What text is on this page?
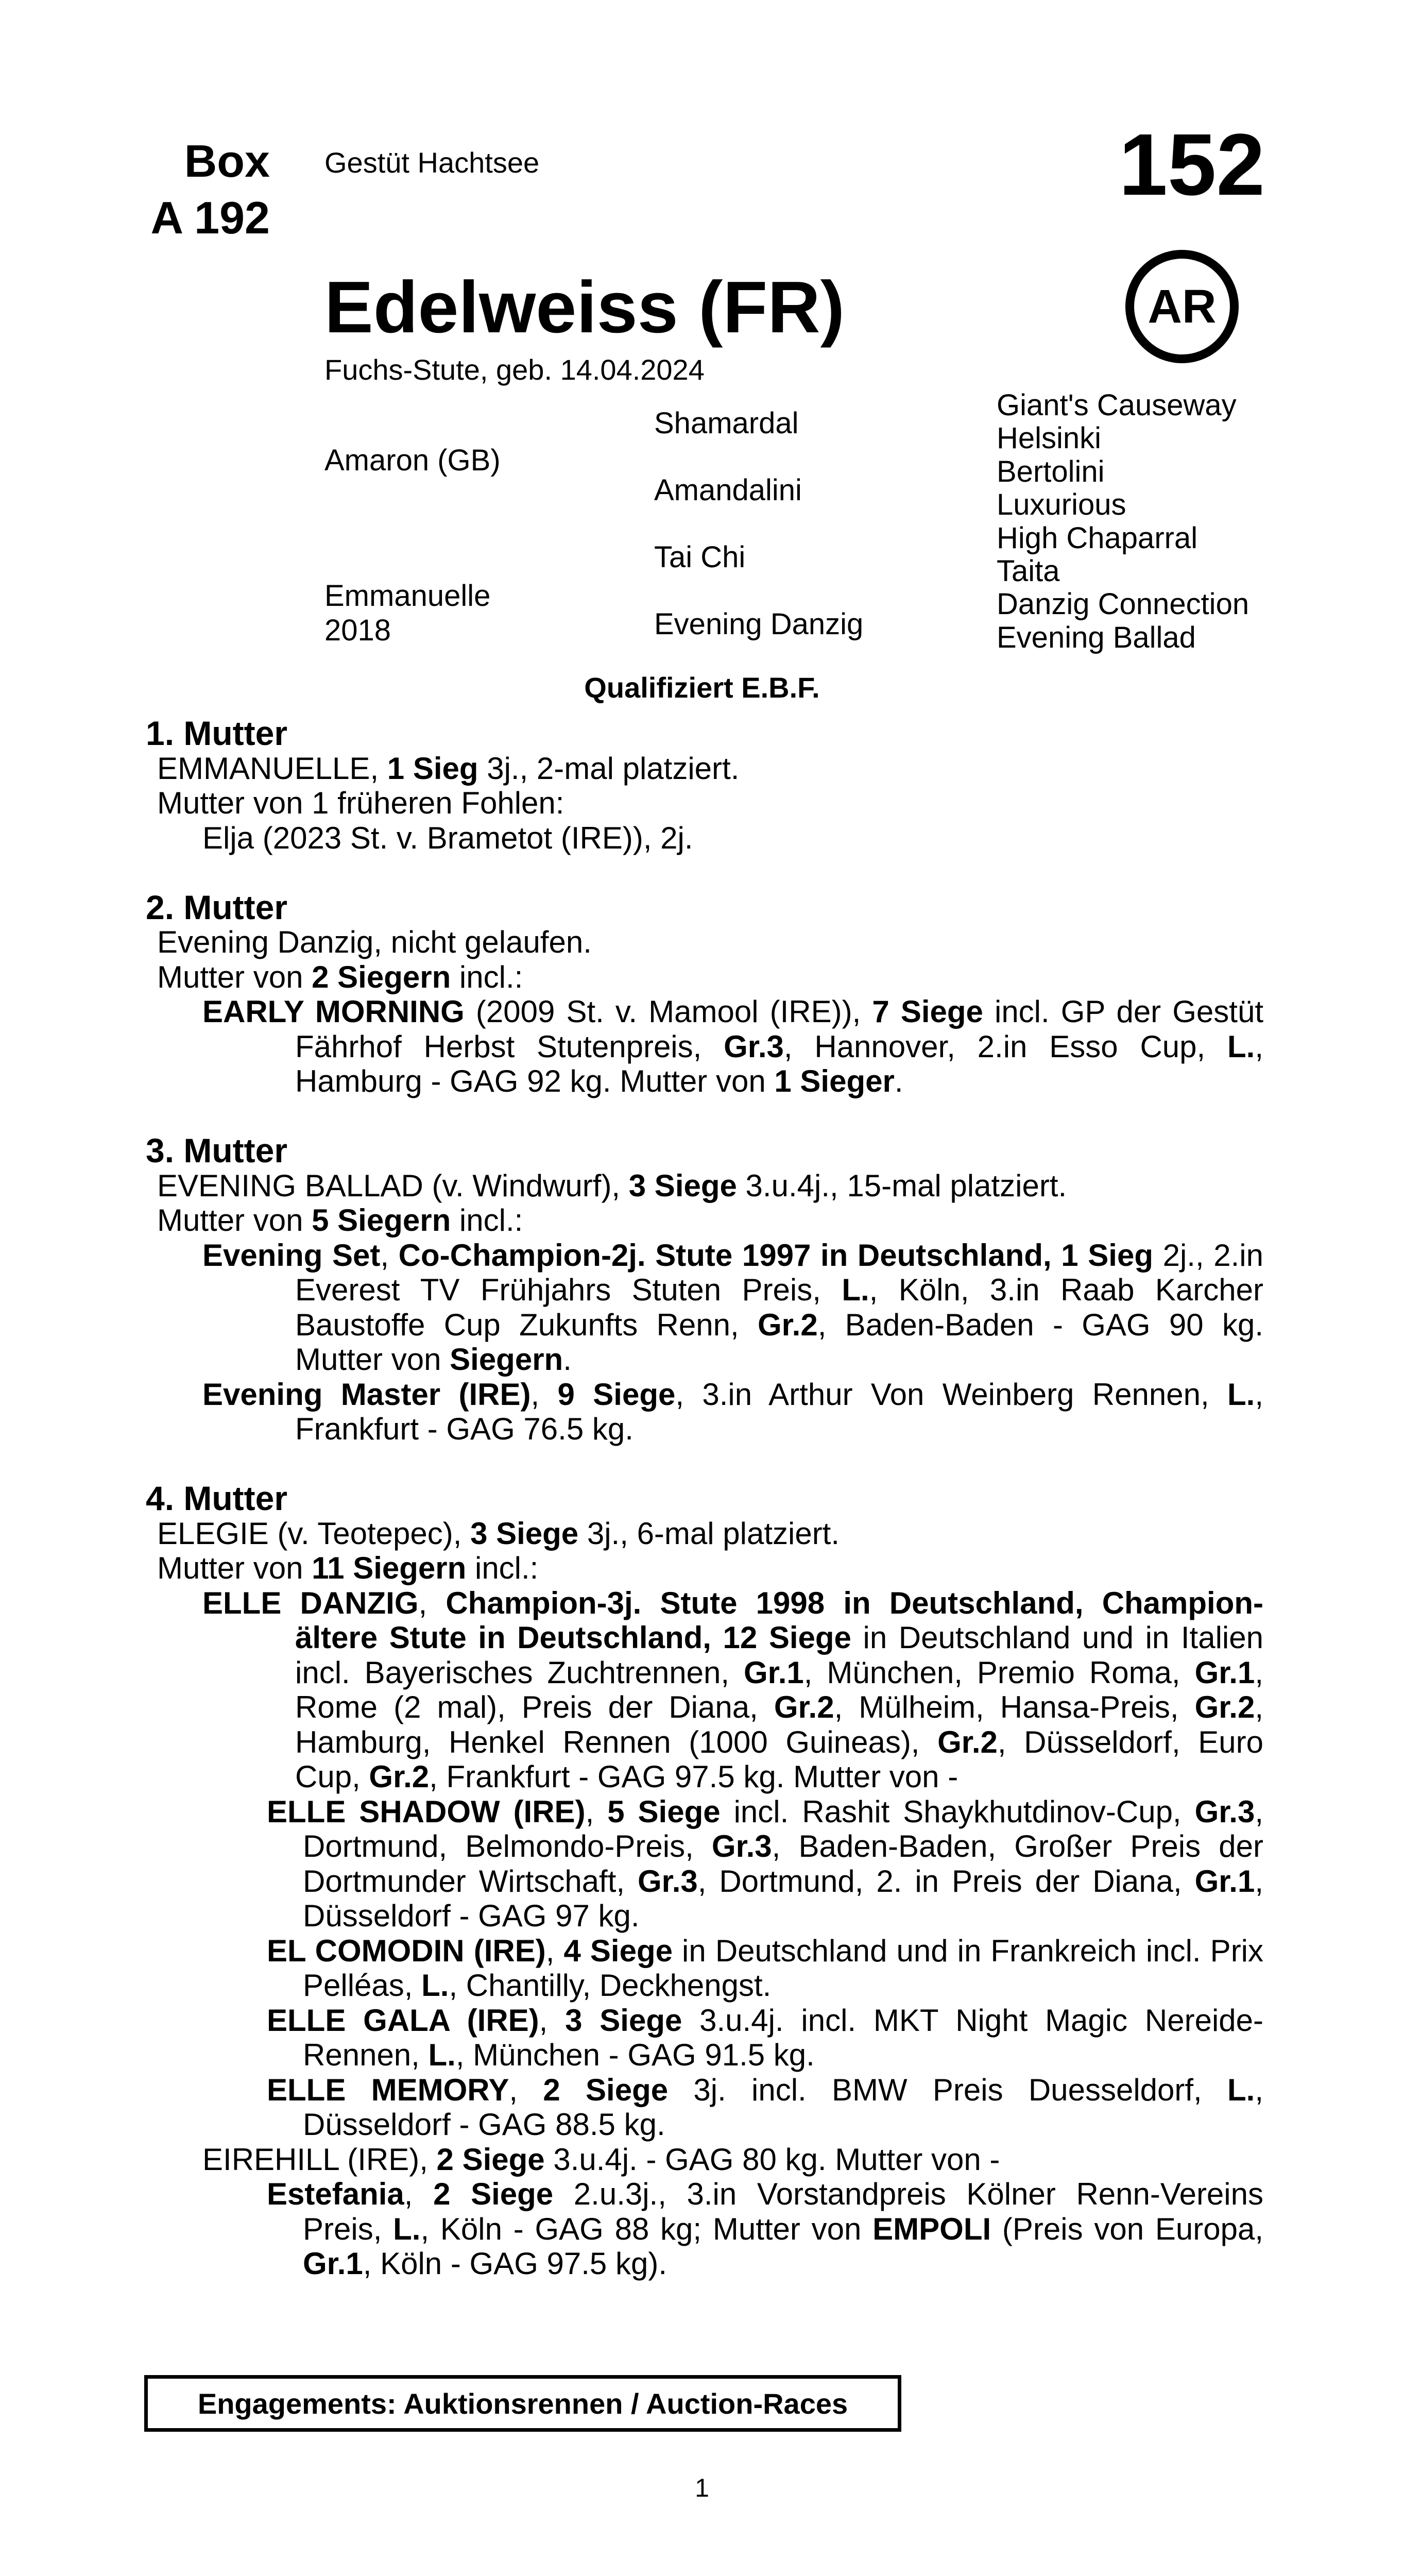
Box
A 192
Gestüt Hachtsee	152
AR
Edelweiss (FR)
Fuchs-Stute, geb. 14.04.2024
Amaron (GB)
Emmanuelle
2018
Shamardal
Amandalini
Tai Chi
Evening Danzig
Giant's Causeway
Helsinki
Bertolini
Luxurious
High Chaparral
Taita
Danzig Connection
Evening Ballad
Qualifiziert E.B.F.
1. Mutter

EMMANUELLE, 1 Sieg 3j., 2-mal platziert.

Mutter von 1 früheren Fohlen:

Elja (2023 St. v. Brametot (IRE)), 2j.

2. Mutter

Evening Danzig, nicht gelaufen.

Mutter von 2 Siegern incl.:

EARLY MORNING (2009 St. v. Mamool (IRE)), 7 Siege incl. GP der Gestüt Fährhof Herbst Stutenpreis, Gr.3, Hannover, 2.in Esso Cup, L., Hamburg - GAG 92 kg. Mutter von 1 Sieger.

3. Mutter

EVENING BALLAD (v. Windwurf), 3 Siege 3.u.4j., 15-mal platziert.

Mutter von 5 Siegern incl.:

Evening Set, Co-Champion-2j. Stute 1997 in Deutschland, 1 Sieg 2j., 2.in Everest TV Frühjahrs Stuten Preis, L., Köln, 3.in Raab Karcher Baustoffe Cup Zukunfts Renn, Gr.2, Baden-Baden - GAG 90 kg. Mutter von Siegern.

Evening Master (IRE), 9 Siege, 3.in Arthur Von Weinberg Rennen, L., Frankfurt - GAG 76.5 kg.

4. Mutter

ELEGIE (v. Teotepec), 3 Siege 3j., 6-mal platziert.

Mutter von 11 Siegern incl.:

ELLE DANZIG, Champion-3j. Stute 1998 in Deutschland, Champion-ältere Stute in Deutschland, 12 Siege in Deutschland und in Italien incl. Bayerisches Zuchtrennen, Gr.1, München, Premio Roma, Gr.1, Rome (2 mal), Preis der Diana, Gr.2, Mülheim, Hansa-Preis, Gr.2, Hamburg, Henkel Rennen (1000 Guineas), Gr.2, Düsseldorf, Euro Cup, Gr.2, Frankfurt - GAG 97.5 kg. Mutter von -

ELLE SHADOW (IRE), 5 Siege incl. Rashit Shaykhutdinov-Cup, Gr.3, Dortmund, Belmondo-Preis, Gr.3, Baden-Baden, Großer Preis der Dortmunder Wirtschaft, Gr.3, Dortmund, 2. in Preis der Diana, Gr.1, Düsseldorf - GAG 97 kg.

EL COMODIN (IRE), 4 Siege in Deutschland und in Frankreich incl. Prix Pelléas, L., Chantilly, Deckhengst.

ELLE GALA (IRE), 3 Siege 3.u.4j. incl. MKT Night Magic Nereide-Rennen, L., München - GAG 91.5 kg.

ELLE MEMORY, 2 Siege 3j. incl. BMW Preis Duesseldorf, L., Düsseldorf - GAG 88.5 kg.

EIREHILL (IRE), 2 Siege 3.u.4j. - GAG 80 kg. Mutter von -

Estefania, 2 Siege 2.u.3j., 3.in Vorstandpreis Kölner Renn-Vereins Preis, L., Köln - GAG 88 kg; Mutter von EMPOLI (Preis von Europa, Gr.1, Köln - GAG 97.5 kg).

Engagements: Auktionsrennen / Auction-Races
1
